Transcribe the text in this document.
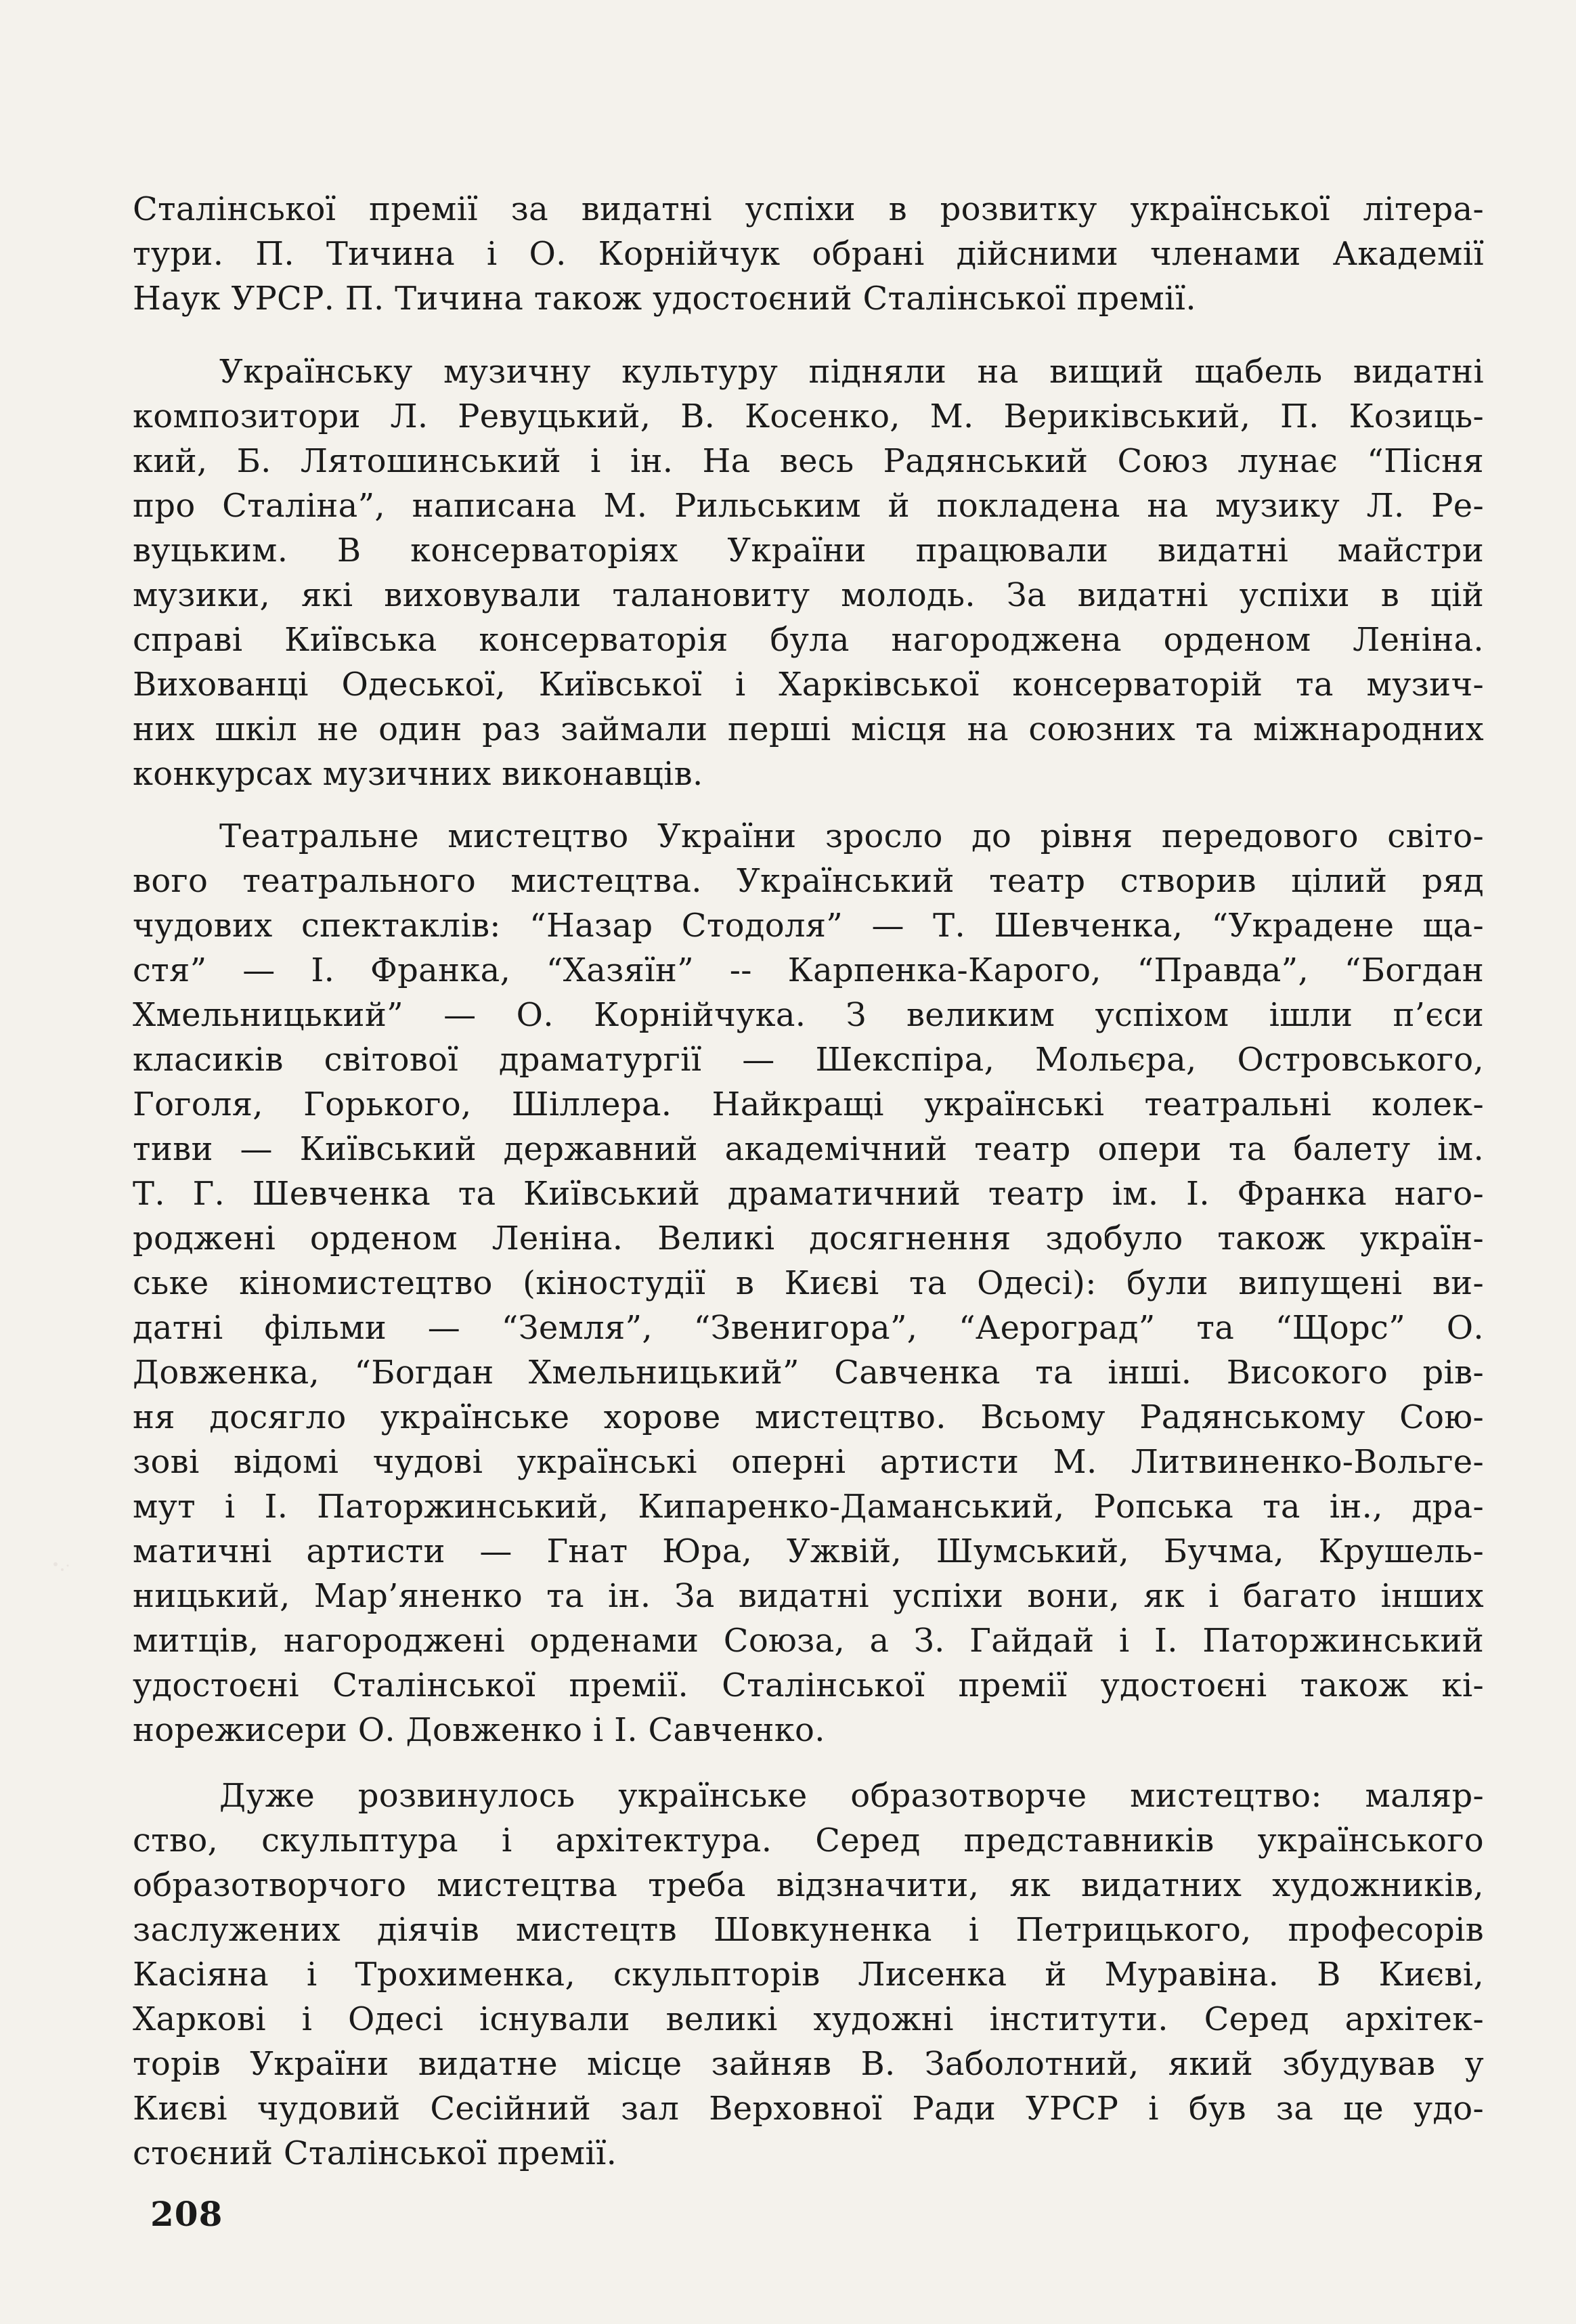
Сталінської премії за видатні успіхи в розвитку української літера-
тури. П. Тичина і О. Корнійчук обрані дійсними членами Академії
Наук УРСР. П. Тичина також удостоєний Сталінської премії.
Українську музичну культуру підняли на вищий щабель видатні
композитори Л. Ревуцький, В. Косенко, М. Вериківський, П. Козиць-
кий, Б. Лятошинський і ін. На весь Радянський Союз лунає “Пісня
про Сталіна”, написана М. Рильським й покладена на музику Л. Ре-
вуцьким. В консерваторіях України працювали видатні майстри
музики, які виховували талановиту молодь. За видатні успіхи в цій
справі Київська консерваторія була нагороджена орденом Леніна.
Вихованці Одеської, Київської і Харківської консерваторій та музич-
них шкіл не один раз займали перші місця на союзних та міжнародних
конкурсах музичних виконавців.
Театральне мистецтво України зросло до рівня передового світо-
вого театрального мистецтва. Український театр створив цілий ряд
чудових спектаклів: “Назар Стодоля” — Т. Шевченка, “Украдене ща-
стя” — І. Франка, “Хазяїн” -- Карпенка-Карого, “Правда”, “Богдан
Хмельницький” — О. Корнійчука. З великим успіхом ішли п’єси
класиків світової драматургії — Шекспіра, Мольєра, Островського,
Гоголя, Горького, Шіллера. Найкращі українські театральні колек-
тиви — Київський державний академічний театр опери та балету ім.
Т. Г. Шевченка та Київський драматичний театр ім. І. Франка наго-
роджені орденом Леніна. Великі досягнення здобуло також україн-
ське кіномистецтво (кіностудії в Києві та Одесі): були випущені ви-
датні фільми — “Земля”, “Звенигора”, “Аероград” та “Щорс” О.
Довженка, “Богдан Хмельницький” Савченка та інші. Високого рів-
ня досягло українське хорове мистецтво. Всьому Радянському Сою-
зові відомі чудові українські оперні артисти М. Литвиненко-Вольге-
мут і І. Паторжинський, Кипаренко-Даманський, Ропська та ін., дра-
матичні артисти — Гнат Юра, Ужвій, Шумський, Бучма, Крушель-
ницький, Мар’яненко та ін. За видатні успіхи вони, як і багато інших
митців, нагороджені орденами Союза, а З. Гайдай і І. Паторжинський
удостоєні Сталінської премії. Сталінської премії удостоєні також кі-
норежисери О. Довженко і І. Савченко.
Дуже розвинулось українське образотворче мистецтво: маляр-
ство, скульптура і архітектура. Серед представників українського
образотворчого мистецтва треба відзначити, як видатних художників,
заслужених діячів мистецтв Шовкуненка і Петрицького, професорів
Касіяна і Трохименка, скульпторів Лисенка й Муравіна. В Києві,
Харкові і Одесі існували великі художні інститути. Серед архітек-
торів України видатне місце зайняв В. Заболотний, який збудував у
Києві чудовий Сесійний зал Верховної Ради УРСР і був за це удо-
стоєний Сталінської премії.
208
